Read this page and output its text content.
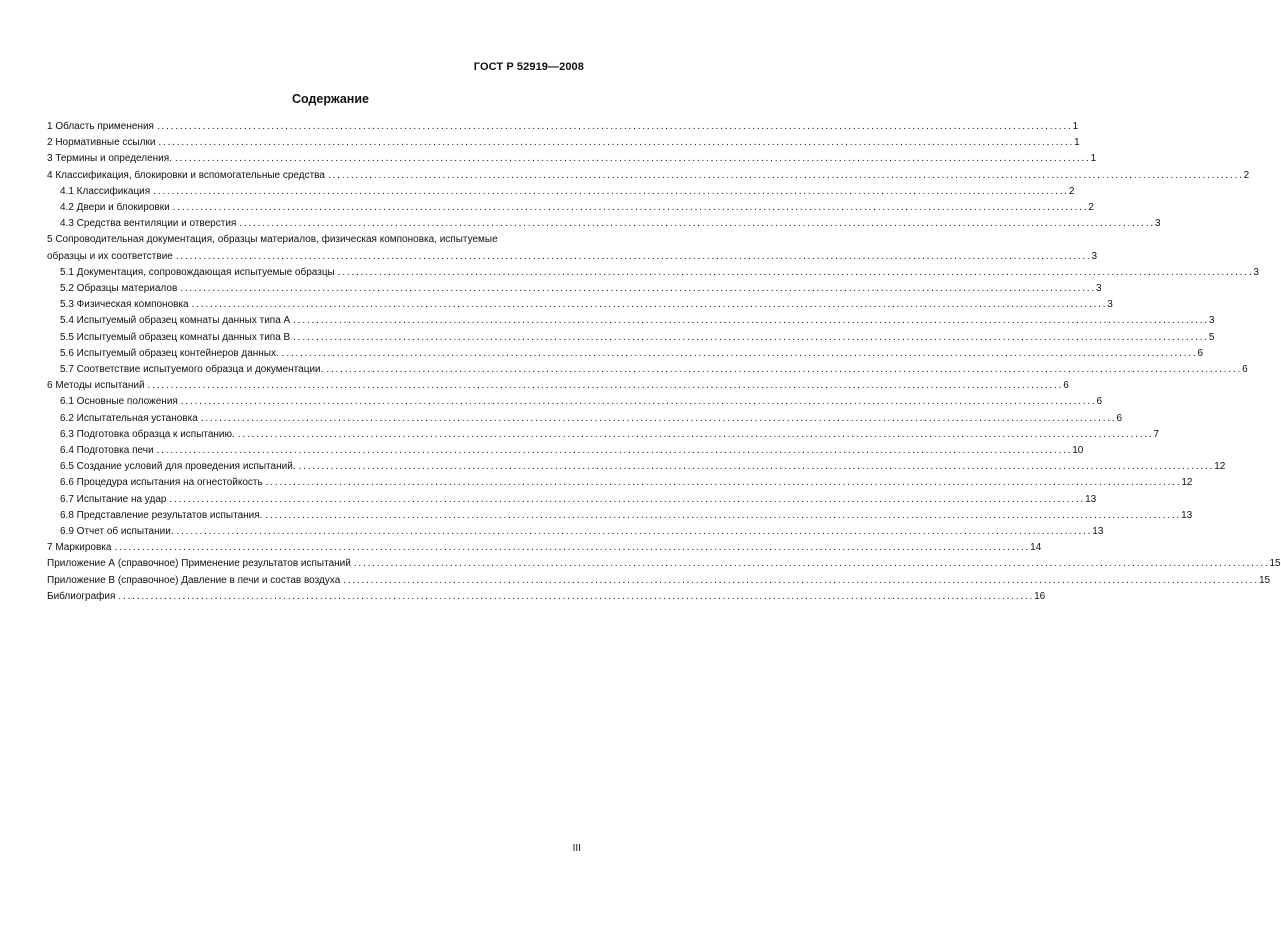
ГОСТ Р 52919—2008
Содержание
1 Область применения ........................................................................................................................................................................................................ 1
2 Нормативные ссылки ........................................................................................................................................................................................................ 1
3 Термины и определения. ........................................................................................................................................................................................................ 1
4 Классификация, блокировки и вспомогательные средства ........................................................................................................................................................................................................ 2
4.1 Классификация ........................................................................................................................................................................................................ 2
4.2 Двери и блокировки ........................................................................................................................................................................................................ 2
4.3 Средства вентиляции и отверстия ........................................................................................................................................................................................................ 3
5 Сопроводительная документация, образцы материалов, физическая компоновка, испытуемые
образцы и их соответствие ........................................................................................................................................................................................................ 3
5.1 Документация, сопровождающая испытуемые образцы ........................................................................................................................................................................................................ 3
5.2 Образцы материалов ........................................................................................................................................................................................................ 3
5.3 Физическая компоновка ........................................................................................................................................................................................................ 3
5.4 Испытуемый образец комнаты данных типа А ........................................................................................................................................................................................................ 3
5.5 Испытуемый образец комнаты данных типа В ........................................................................................................................................................................................................ 5
5.6 Испытуемый образец контейнеров данных. ........................................................................................................................................................................................................ 6
5.7 Соответствие испытуемого образца и документации. ........................................................................................................................................................................................................ 6
6 Методы испытаний ........................................................................................................................................................................................................ 6
6.1 Основные положения ........................................................................................................................................................................................................ 6
6.2 Испытательная установка ........................................................................................................................................................................................................ 6
6.3 Подготовка образца к испытанию. ........................................................................................................................................................................................................ 7
6.4 Подготовка печи ........................................................................................................................................................................................................ 10
6.5 Создание условий для проведения испытаний. ........................................................................................................................................................................................................ 12
6.6 Процедура испытания на огнестойкость ........................................................................................................................................................................................................ 12
6.7 Испытание на удар ........................................................................................................................................................................................................ 13
6.8 Представление результатов испытания. ........................................................................................................................................................................................................ 13
6.9 Отчет об испытании. ........................................................................................................................................................................................................ 13
7 Маркировка ........................................................................................................................................................................................................ 14
Приложение А (справочное) Применение результатов испытаний ........................................................................................................................................................................................................ 15
Приложение В (справочное) Давление в печи и состав воздуха ........................................................................................................................................................................................................ 15
Библиография ........................................................................................................................................................................................................ 16
III
